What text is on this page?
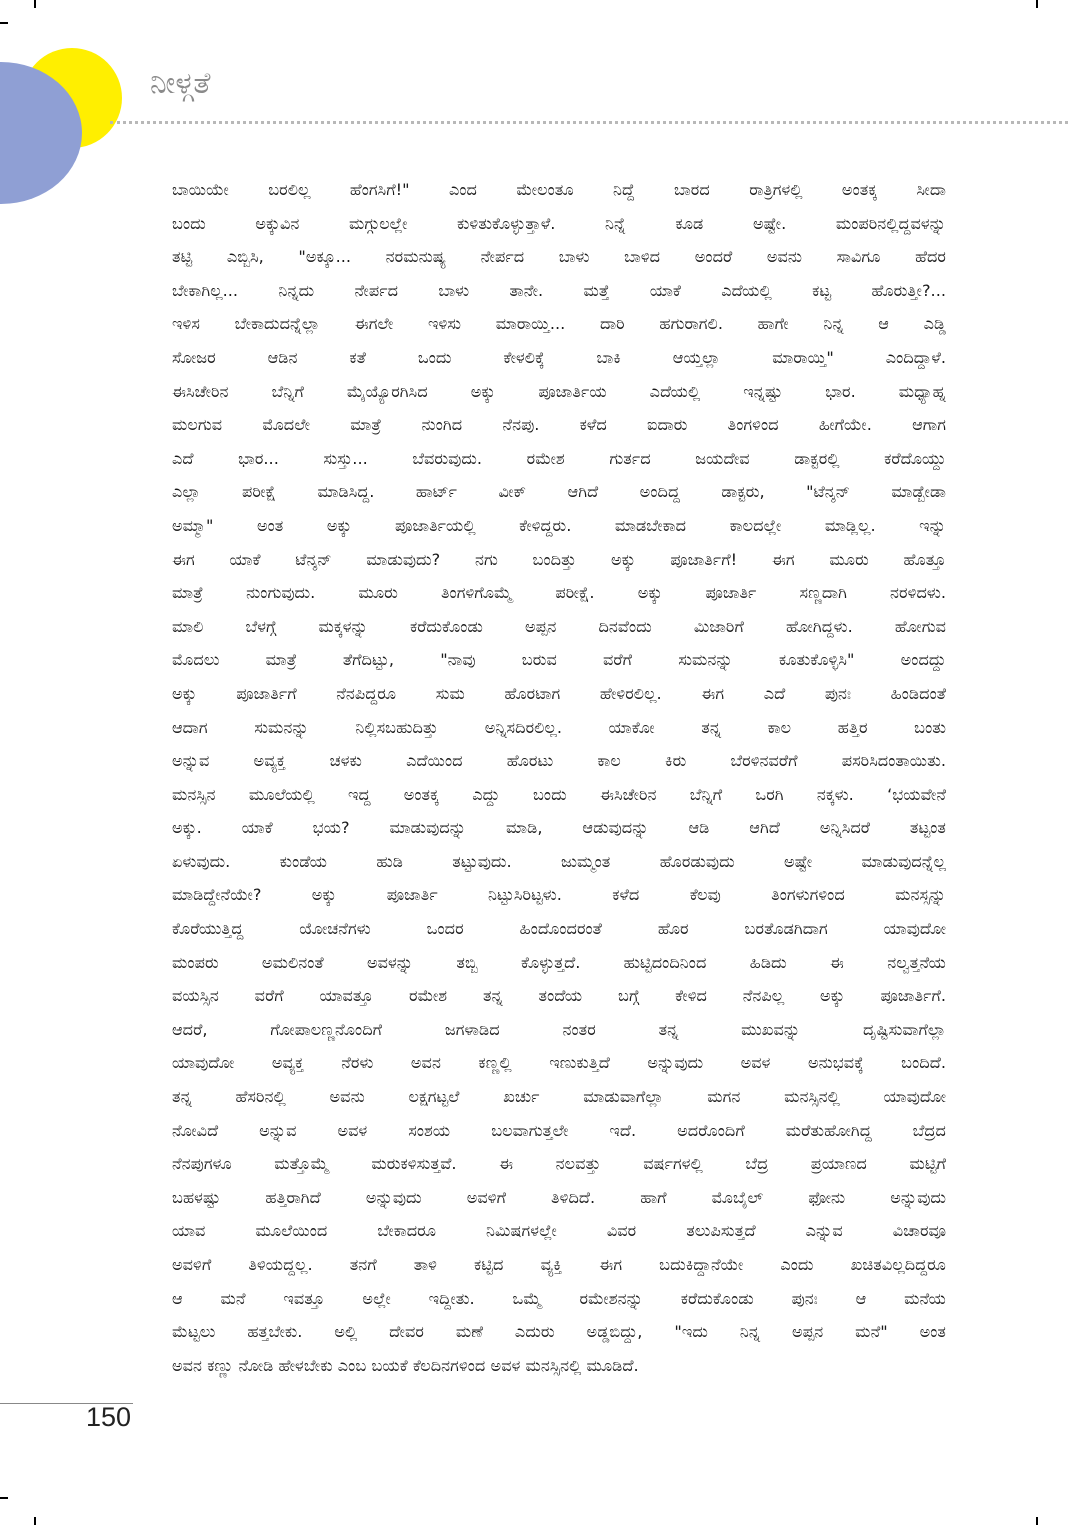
ನೀಳ್ಗತೆ

ಬಾಯಿಯೇ ಬರಲಿಲ್ಲ ಹೆಂಗಸಿಗೆ!" ಎಂದ ಮೇಲಂತೂ ನಿದ್ದೆ ಬಾರದ ರಾತ್ರಿಗಳಲ್ಲಿ ಅಂತಕ್ಕ ಸೀದಾ

ಬಂದು ಅಕ್ಕುವಿನ ಮಗ್ಗುಲಲ್ಲೇ ಕುಳಿತುಕೊಳ್ಳುತ್ತಾಳೆ. ನಿನ್ನೆ ಕೂಡ ಅಷ್ಟೇ. ಮಂಪರಿನಲ್ಲಿದ್ದವಳನ್ನು

ತಟ್ಟಿ ಎಬ್ಬಿಸಿ, "ಅಕ್ಕೂ... ನರಮನುಷ್ಯ ನೇರ್ಪದ ಬಾಳು ಬಾಳಿದ ಅಂದರೆ ಅವನು ಸಾವಿಗೂ ಹೆದರ

ಬೇಕಾಗಿಲ್ಲ... ನಿನ್ನದು ನೇರ್ಪದ ಬಾಳು ತಾನೇ. ಮತ್ತೆ ಯಾಕೆ ಎದೆಯಲ್ಲಿ ಕಟ್ಟ ಹೊರುತ್ತೀ?...

ಇಳಿಸ ಬೇಕಾದುದನ್ನೆಲ್ಲಾ ಈಗಲೇ ಇಳಿಸು ಮಾರಾಯ್ತಿ... ದಾರಿ ಹಗುರಾಗಲಿ. ಹಾಗೇ ನಿನ್ನ ಆ ಎಡ್ಡಿ

ಸೋಜರ ಆಡಿನ ಕತೆ ಒಂದು ಕೇಳಲಿಕ್ಕೆ ಬಾಕಿ ಆಯ್ತಲ್ಲಾ ಮಾರಾಯ್ತಿ" ಎಂದಿದ್ದಾಳೆ.

ಈಸಿಚೇರಿನ ಬೆನ್ನಿಗೆ ಮೈಯ್ಯೊರಗಿಸಿದ ಅಕ್ಕು ಪೂಜಾರ್ತಿಯ ಎದೆಯಲ್ಲಿ ಇನ್ನಷ್ಟು ಭಾರ. ಮಧ್ಯಾಹ್ನ

ಮಲಗುವ ಮೊದಲೇ ಮಾತ್ರೆ ನುಂಗಿದ ನೆನಪು. ಕಳೆದ ಐದಾರು ತಿಂಗಳಿಂದ ಹೀಗೆಯೇ. ಆಗಾಗ

ಎದೆ ಭಾರ... ಸುಸ್ತು... ಬೆವರುವುದು. ರಮೇಶ ಗುರ್ತದ ಜಯದೇವ ಡಾಕ್ಟರಲ್ಲಿ ಕರೆದೊಯ್ದು

ಎಲ್ಲಾ ಪರೀಕ್ಷೆ ಮಾಡಿಸಿದ್ದ. ಹಾರ್ಟ್ ವೀಕ್ ಆಗಿದೆ ಅಂದಿದ್ದ ಡಾಕ್ಟರು, "ಟೆನ್ಶನ್ ಮಾಡ್ಬೇಡಾ

ಅಮ್ಮಾ" ಅಂತ ಅಕ್ಕು ಪೂಜಾರ್ತಿಯಲ್ಲಿ ಕೇಳಿದ್ದರು. ಮಾಡಬೇಕಾದ ಕಾಲದಲ್ಲೇ ಮಾಡ್ಲಿಲ್ಲ. ಇನ್ನು

ಈಗ ಯಾಕೆ ಟೆನ್ಶನ್ ಮಾಡುವುದು? ನಗು ಬಂದಿತ್ತು ಅಕ್ಕು ಪೂಜಾರ್ತಿಗೆ! ಈಗ ಮೂರು ಹೊತ್ತೂ

ಮಾತ್ರೆ ನುಂಗುವುದು. ಮೂರು ತಿಂಗಳಿಗೊಮ್ಮೆ ಪರೀಕ್ಷೆ. ಅಕ್ಕು ಪೂಜಾರ್ತಿ ಸಣ್ಣದಾಗಿ ನರಳಿದಳು.

ಮಾಲಿ ಬೆಳಗ್ಗೆ ಮಕ್ಕಳನ್ನು ಕರೆದುಕೊಂಡು ಅಪ್ಪನ ದಿನವೆಂದು ಮಿಜಾರಿಗೆ ಹೋಗಿದ್ದಳು. ಹೋಗುವ

ಮೊದಲು ಮಾತ್ರೆ ತೆಗೆದಿಟ್ಟು, "ನಾವು ಬರುವ ವರೆಗೆ ಸುಮನನ್ನು ಕೂತುಕೊಳ್ಳಿಸಿ" ಅಂದದ್ದು

ಅಕ್ಕು ಪೂಜಾರ್ತಿಗೆ ನೆನಪಿದ್ದರೂ ಸುಮ ಹೊರಟಾಗ ಹೇಳಿರಲಿಲ್ಲ. ಈಗ ಎದೆ ಪುನಃ ಹಿಂಡಿದಂತೆ

ಆದಾಗ ಸುಮನನ್ನು ನಿಲ್ಲಿಸಬಹುದಿತ್ತು ಅನ್ನಿಸದಿರಲಿಲ್ಲ. ಯಾಕೋ ತನ್ನ ಕಾಲ ಹತ್ತಿರ ಬಂತು

ಅನ್ನುವ ಅವ್ಯಕ್ತ ಚಳಕು ಎದೆಯಿಂದ ಹೊರಟು ಕಾಲ ಕಿರು ಬೆರಳಿನವರೆಗೆ ಪಸರಿಸಿದಂತಾಯಿತು.

ಮನಸ್ಸಿನ ಮೂಲೆಯಲ್ಲಿ ಇದ್ದ ಅಂತಕ್ಕ ಎದ್ದು ಬಂದು ಈಸಿಚೇರಿನ ಬೆನ್ನಿಗೆ ಒರಗಿ ನಕ್ಕಳು. ‘ಭಯವೇನೆ

ಅಕ್ಕು. ಯಾಕೆ ಭಯ? ಮಾಡುವುದನ್ನು ಮಾಡಿ, ಆಡುವುದನ್ನು ಆಡಿ ಆಗಿದೆ ಅನ್ನಿಸಿದರೆ ತಟ್ಟಂತ

ಏಳುವುದು. ಕುಂಡೆಯ ಹುಡಿ ತಟ್ಟುವುದು. ಜುಮ್ಮಂತ ಹೊರಡುವುದು ಅಷ್ಟೇ ಮಾಡುವುದನ್ನೆಲ್ಲ

ಮಾಡಿದ್ದೇನೆಯೇ? ಅಕ್ಕು ಪೂಜಾರ್ತಿ ನಿಟ್ಟುಸಿರಿಟ್ಟಳು. ಕಳೆದ ಕೆಲವು ತಿಂಗಳುಗಳಿಂದ ಮನಸ್ಸನ್ನು

ಕೊರೆಯುತ್ತಿದ್ದ ಯೋಚನೆಗಳು ಒಂದರ ಹಿಂದೊಂದರಂತೆ ಹೊರ ಬರತೊಡಗಿದಾಗ ಯಾವುದೋ

ಮಂಪರು ಅಮಲಿನಂತೆ ಅವಳನ್ನು ತಬ್ಬಿ ಕೊಳ್ಳುತ್ತದೆ. ಹುಟ್ಟಿದಂದಿನಿಂದ ಹಿಡಿದು ಈ ನಲ್ವತ್ತನೆಯ

ವಯಸ್ಸಿನ ವರೆಗೆ ಯಾವತ್ತೂ ರಮೇಶ ತನ್ನ ತಂದೆಯ ಬಗ್ಗೆ ಕೇಳಿದ ನೆನಪಿಲ್ಲ ಅಕ್ಕು ಪೂಜಾರ್ತಿಗೆ.

ಆದರೆ, ಗೋಪಾಲಣ್ಣನೊಂದಿಗೆ ಜಗಳಾಡಿದ ನಂತರ ತನ್ನ ಮುಖವನ್ನು ದೃಷ್ಟಿಸುವಾಗೆಲ್ಲಾ

ಯಾವುದೋ ಅವ್ಯಕ್ತ ನೆರಳು ಅವನ ಕಣ್ಣಲ್ಲಿ ಇಣುಕುತ್ತಿದೆ ಅನ್ನುವುದು ಅವಳ ಅನುಭವಕ್ಕೆ ಬಂದಿದೆ.

ತನ್ನ ಹೆಸರಿನಲ್ಲಿ ಅವನು ಲಕ್ಷಗಟ್ಟಲೆ ಖರ್ಚು ಮಾಡುವಾಗೆಲ್ಲಾ ಮಗನ ಮನಸ್ಸಿನಲ್ಲಿ ಯಾವುದೋ

ನೋವಿದೆ ಅನ್ನುವ ಅವಳ ಸಂಶಯ ಬಲವಾಗುತ್ತಲೇ ಇದೆ. ಅದರೊಂದಿಗೆ ಮರೆತುಹೋಗಿದ್ದ ಬೆದ್ರದ

ನೆನಪುಗಳೂ ಮತ್ತೊಮ್ಮೆ ಮರುಕಳಿಸುತ್ತವೆ. ಈ ನಲವತ್ತು ವರ್ಷಗಳಲ್ಲಿ ಬೆದ್ರ ಪ್ರಯಾಣದ ಮಟ್ಟಿಗೆ

ಬಹಳಷ್ಟು ಹತ್ತಿರಾಗಿದೆ ಅನ್ನುವುದು ಅವಳಿಗೆ ತಿಳಿದಿದೆ. ಹಾಗೆ ಮೊಬೈಲ್ ಫೋನು ಅನ್ನುವುದು

ಯಾವ ಮೂಲೆಯಿಂದ ಬೇಕಾದರೂ ನಿಮಿಷಗಳಲ್ಲೇ ವಿವರ ತಲುಪಿಸುತ್ತದೆ ಎನ್ನುವ ವಿಚಾರವೂ

ಅವಳಿಗೆ ತಿಳಿಯದ್ದಲ್ಲ. ತನಗೆ ತಾಳಿ ಕಟ್ಟಿದ ವ್ಯಕ್ತಿ ಈಗ ಬದುಕಿದ್ದಾನೆಯೇ ಎಂದು ಖಚಿತವಿಲ್ಲದಿದ್ದರೂ

ಆ ಮನೆ ಇವತ್ತೂ ಅಲ್ಲೇ ಇದ್ದೀತು. ಒಮ್ಮೆ ರಮೇಶನನ್ನು ಕರೆದುಕೊಂಡು ಪುನಃ ಆ ಮನೆಯ

ಮೆಟ್ಟಲು ಹತ್ತಬೇಕು. ಅಲ್ಲಿ ದೇವರ ಮಣೆ ಎದುರು ಅಡ್ಡಬಿದ್ದು, "ಇದು ನಿನ್ನ ಅಪ್ಪನ ಮನೆ" ಅಂತ

ಅವನ ಕಣ್ಣು ನೋಡಿ ಹೇಳಬೇಕು ಎಂಬ ಬಯಕೆ ಕೆಲದಿನಗಳಿಂದ ಅವಳ ಮನಸ್ಸಿನಲ್ಲಿ ಮೂಡಿದೆ.

150
